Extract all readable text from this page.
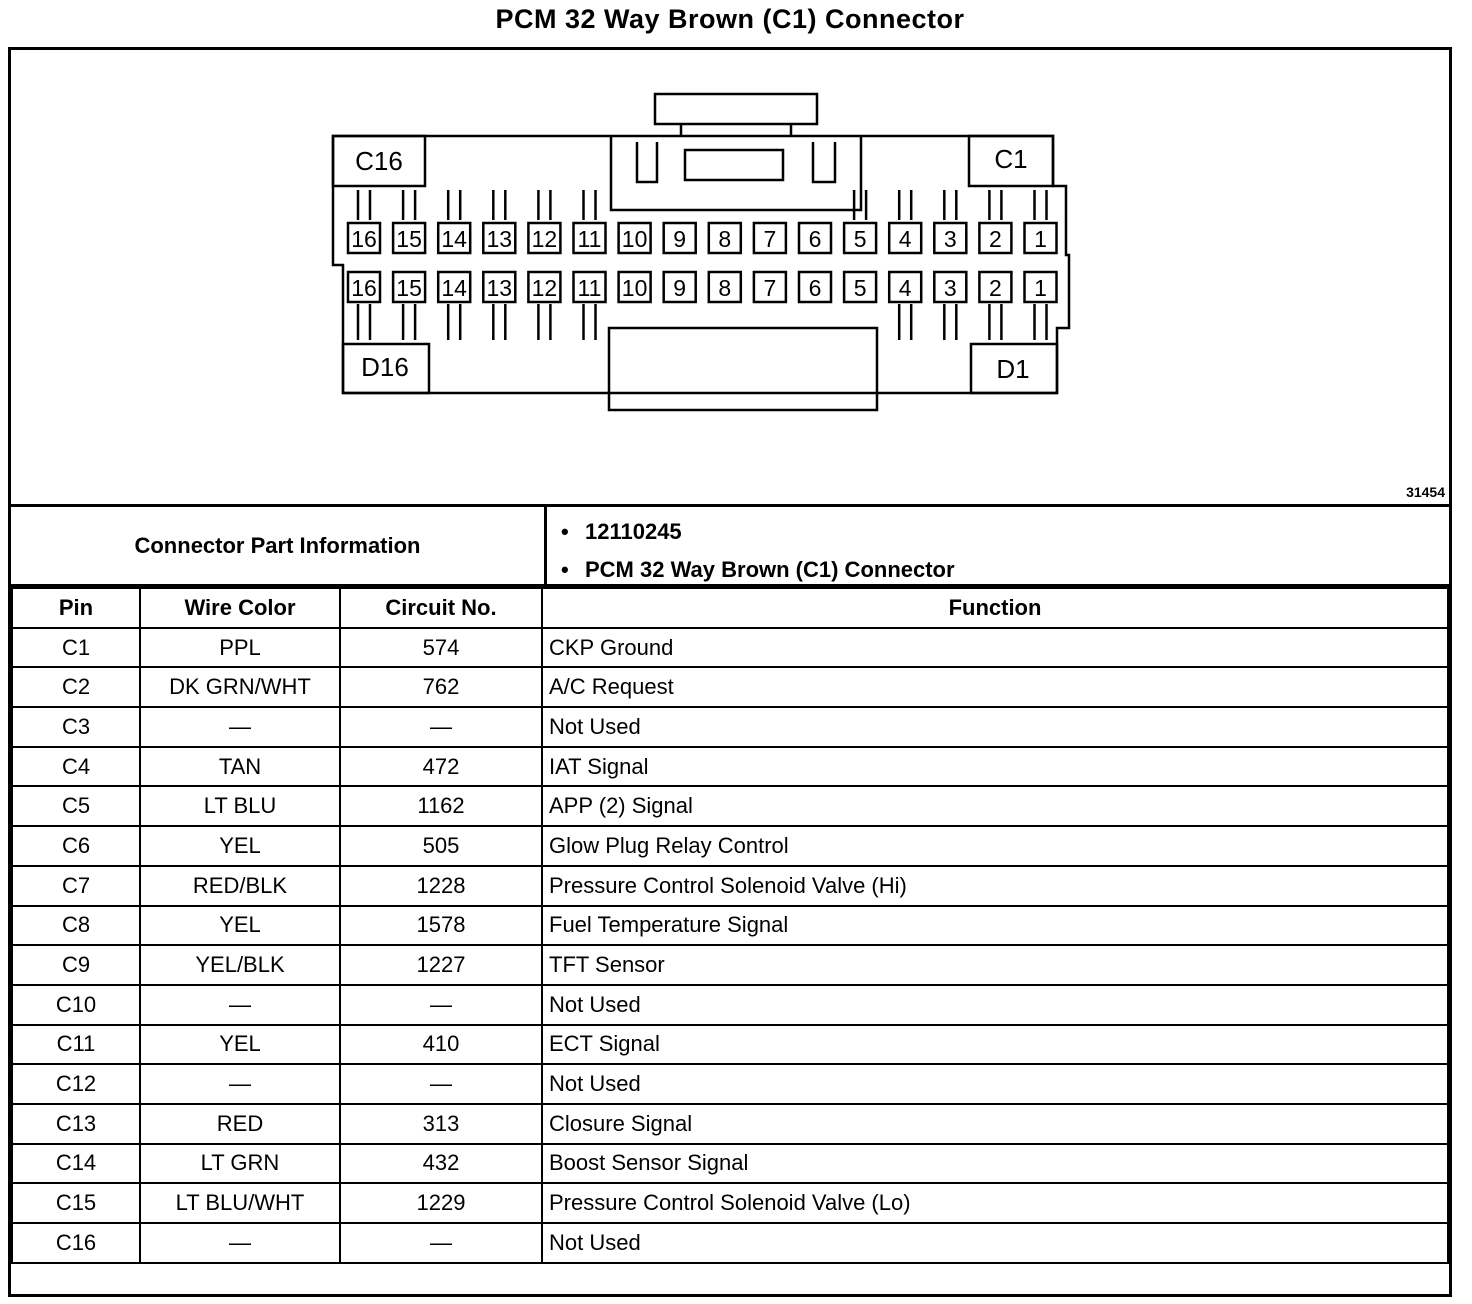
PCM 32 Way Brown (C1) Connector
16 15 14 13 12 11 10 9 8 7 6 5 4 3 2 1
16 15 14 13 12 11 10 9 8 7 6 5 4 3 2 1
C16	C1
D16	D1
31454
Connector Part Information
• 12110245
• PCM 32 Way Brown (C1) Connector
Pin	Wire Color	Circuit No.	Function
C1	PPL	574	CKP Ground
C2	DK GRN/WHT	762	A/C Request
C3	—	—	Not Used
C4	TAN	472	IAT Signal
C5	LT BLU	1162	APP (2) Signal
C6	YEL	505	Glow Plug Relay Control
C7	RED/BLK	1228	Pressure Control Solenoid Valve (Hi)
C8	YEL	1578	Fuel Temperature Signal
C9	YEL/BLK	1227	TFT Sensor
C10	—	—	Not Used
C11	YEL	410	ECT Signal
C12	—	—	Not Used
C13	RED	313	Closure Signal
C14	LT GRN	432	Boost Sensor Signal
C15	LT BLU/WHT	1229	Pressure Control Solenoid Valve (Lo)
C16	—	—	Not Used
